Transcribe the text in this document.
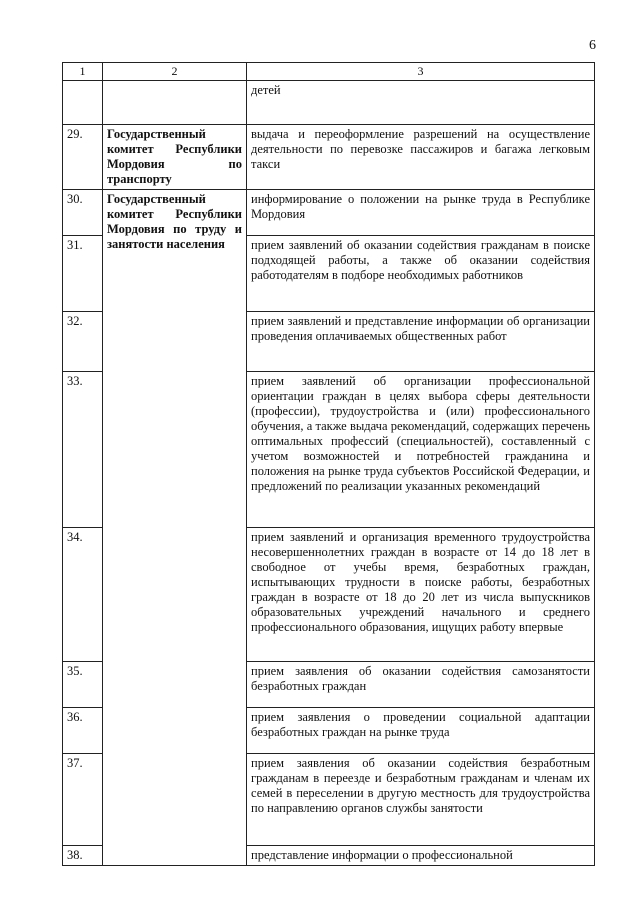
6
1	2	3
		детей
29.	Государственный комитет Республики Мордовия по транспорту	выдача и переоформление разрешений на осуществление деятельности по перевозке пассажиров и багажа легковым такси
30.	Государственный комитет Республики Мордовия по труду и занятости населения	информирование о положении на рынке труда в Республике Мордовия
31.		прием заявлений об оказании содействия гражданам в поиске подходящей работы, а также об оказании содействия работодателям в подборе необходимых работников
32.		прием заявлений и представление информации об организации проведения оплачиваемых общественных работ
33.		прием заявлений об организации профессиональной ориентации граждан в целях выбора сферы деятельности (профессии), трудоустройства и (или) профессионального обучения, а также выдача рекомендаций, содержащих перечень оптимальных профессий (специальностей), составленный с учетом возможностей и потребностей гражданина и положения на рынке труда субъектов Российской Федерации, и предложений по реализации указанных рекомендаций
34.		прием заявлений и организация временного трудоустройства несовершеннолетних граждан в возрасте от 14 до 18 лет в свободное от учебы время, безработных граждан, испытывающих трудности в поиске работы, безработных граждан в возрасте от 18 до 20 лет из числа выпускников образовательных учреждений начального и среднего профессионального образования, ищущих работу впервые
35.		прием заявления об оказании содействия самозанятости безработных граждан
36.		прием заявления о проведении социальной адаптации безработных граждан на рынке труда
37.		прием заявления об оказании содействия безработным гражданам в переезде и безработным гражданам и членам их семей в переселении в другую местность для трудоустройства по направлению органов службы занятости
38.		представление информации о профессиональной
